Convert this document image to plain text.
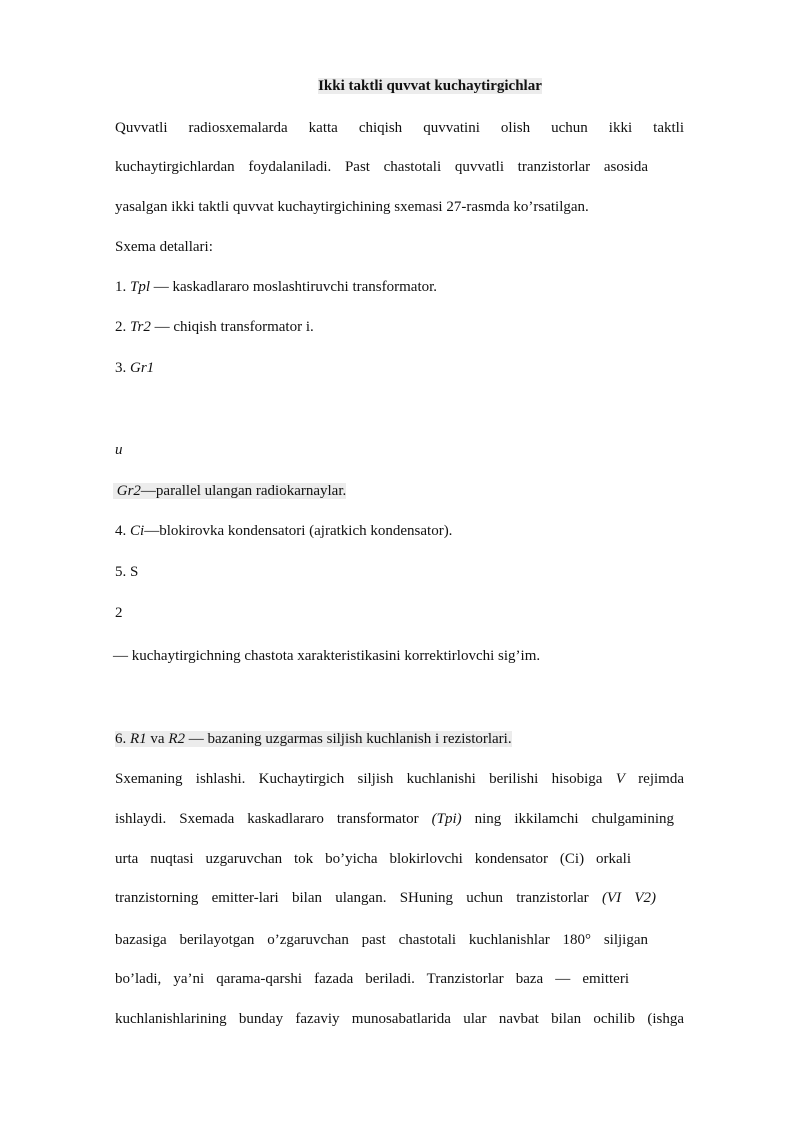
Ikki taktli quvvat kuchaytirgichlar
Quvvatli radiosxemalarda katta chiqish quvvatini olish uchun ikki taktli
kuchaytirgichlardan foydalaniladi. Past chastotali quvvatli tranzistorlar asosida
yasalgan ikki taktli quvvat kuchaytirgichining sxemasi 27-rasmda ko’rsatilgan.
Sxema detallari:
1. Tpl — kaskadlararo moslashtiruvchi transformator.
2. Tr2 — chiqish transformator i.
3. Gr1
u
Gr2—parallel ulangan radiokarnaylar.
4. Ci—blokirovka kondensatori (ajratkich kondensator).
5. S
2
— kuchaytirgichning chastota xarakteristikasini korrektirlovchi sig’im.
6. R1 va R2 — bazaning uzgarmas siljish kuchlanish i rezistorlari.
Sxemaning ishlashi. Kuchaytirgich siljish kuchlanishi berilishi hisobiga V rejimda
ishlaydi. Sxemada kaskadlararo transformator (Tpi) ning ikkilamchi chulgamining
urta nuqtasi uzgaruvchan tok bo’yicha blokirlovchi kondensator (Ci) orkali
tranzistorning emitter-lari bilan ulangan. SHuning uchun tranzistorlar (VI V2)
bazasiga berilayotgan o’zgaruvchan past chastotali kuchlanishlar 180° siljigan
bo’ladi, ya’ni qarama-qarshi fazada beriladi. Tranzistorlar baza — emitteri
kuchlanishlarining bunday fazaviy munosabatlarida ular navbat bilan ochilib (ishga
